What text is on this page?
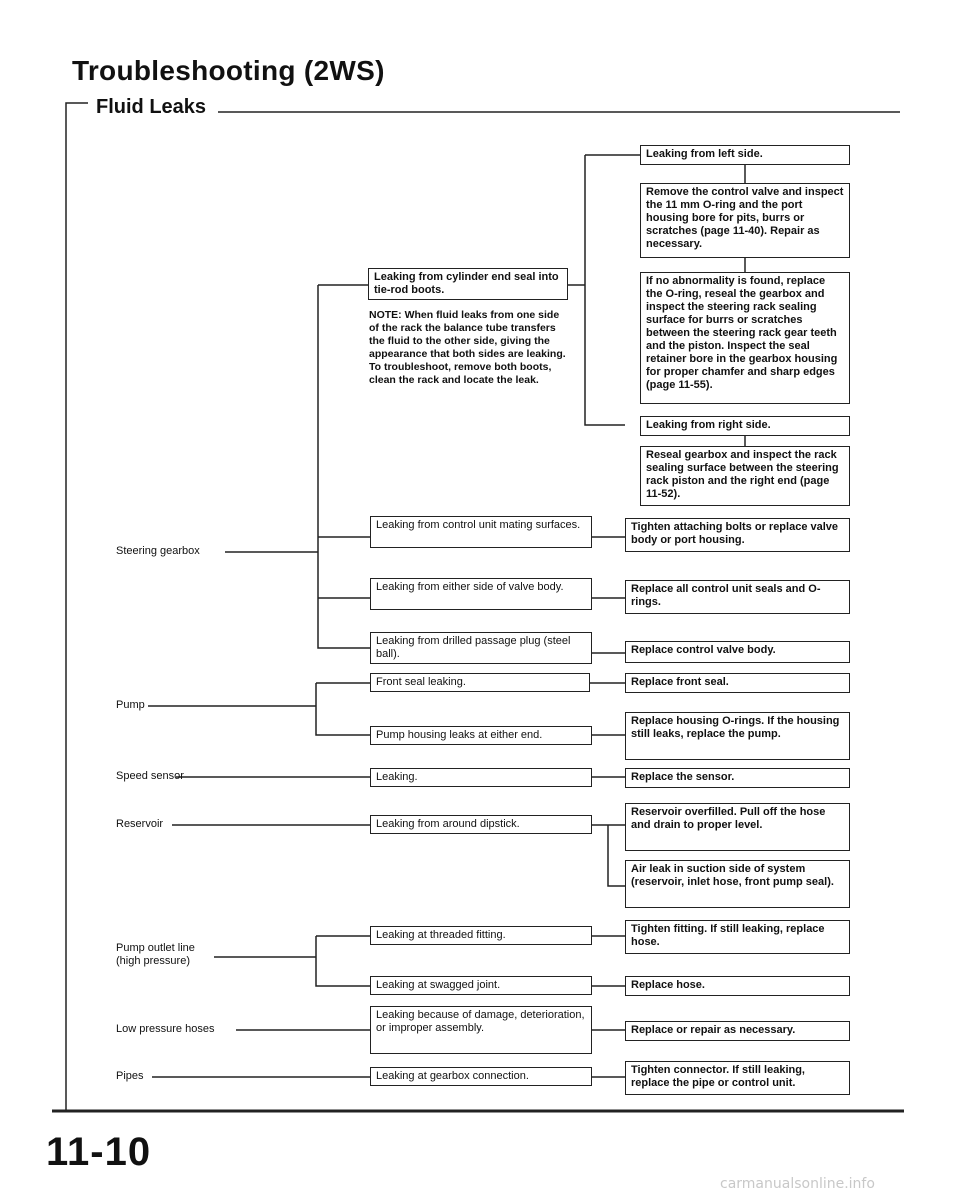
Troubleshooting (2WS)
Fluid Leaks
Steering gearbox
Pump
Speed sensor
Reservoir
Pump outlet line
(high pressure)
Low pressure hoses
Pipes
Leaking from cylinder end seal into tie-rod boots.
NOTE: When fluid leaks from one side of the rack the balance tube transfers the fluid to the other side, giving the appearance that both sides are leaking. To troubleshoot, remove both boots, clean the rack and locate the leak.
Leaking from control unit mating surfaces.
Leaking from either side of valve body.
Leaking from drilled passage plug (steel ball).
Front seal leaking.
Pump housing leaks at either end.
Leaking.
Leaking from around dipstick.
Leaking at threaded fitting.
Leaking at swagged joint.
Leaking because of damage, deterioration, or improper assembly.
Leaking at gearbox connection.
Leaking from left side.
Remove the control valve and inspect the 11 mm O-ring and the port housing bore for pits, burrs or scratches (page 11-40). Repair as necessary.
If no abnormality is found, replace the O-ring, reseal the gearbox and inspect the steering rack sealing surface for burrs or scratches between the steering rack gear teeth and the piston. Inspect the seal retainer bore in the gearbox housing for proper chamfer and sharp edges (page 11-55).
Leaking from right side.
Reseal gearbox and inspect the rack sealing surface between the steering rack piston and the right end (page 11-52).
Tighten attaching bolts or replace valve body or port housing.
Replace all control unit seals and O-rings.
Replace control valve body.
Replace front seal.
Replace housing O-rings. If the housing still leaks, replace the pump.
Replace the sensor.
Reservoir overfilled. Pull off the hose and drain to proper level.
Air leak in suction side of system (reservoir, inlet hose, front pump seal).
Tighten fitting. If still leaking, replace hose.
Replace hose.
Replace or repair as necessary.
Tighten connector. If still leaking, replace the pipe or control unit.
11-10
carmanualsonline.info
